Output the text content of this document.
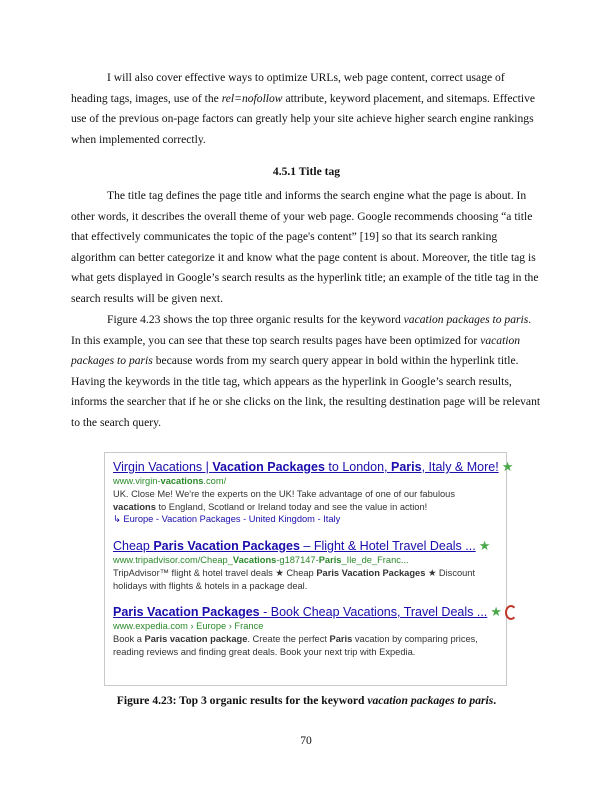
I will also cover effective ways to optimize URLs, web page content, correct usage of heading tags, images, use of the rel=nofollow attribute, keyword placement, and sitemaps. Effective use of the previous on-page factors can greatly help your site achieve higher search engine rankings when implemented correctly.

4.5.1 Title tag

The title tag defines the page title and informs the search engine what the page is about. In other words, it describes the overall theme of your web page. Google recommends choosing “a title that effectively communicates the topic of the page's content” [19] so that its search ranking algorithm can better categorize it and know what the page content is about. Moreover, the title tag is what gets displayed in Google’s search results as the hyperlink title; an example of the title tag in the search results will be given next.

Figure 4.23 shows the top three organic results for the keyword vacation packages to paris. In this example, you can see that these top search results pages have been optimized for vacation packages to paris because words from my search query appear in bold within the hyperlink title. Having the keywords in the title tag, which appears as the hyperlink in Google’s search results, informs the searcher that if he or she clicks on the link, the resulting destination page will be relevant to the search query.

Virgin Vacations | Vacation Packages to London, Paris, Italy & More! ★
www.virgin-vacations.com/
UK. Close Me! We're the experts on the UK! Take advantage of one of our fabulous vacations to England, Scotland or Ireland today and see the value in action!
↳ Europe - Vacation Packages - United Kingdom - Italy
Cheap Paris Vacation Packages – Flight & Hotel Travel Deals ... ★
www.tripadvisor.com/Cheap_Vacations-g187147-Paris_Ile_de_Franc...
TripAdvisor™ flight & hotel travel deals ★ Cheap Paris Vacation Packages ★ Discount holidays with flights & hotels in a package deal.
Paris Vacation Packages - Book Cheap Vacations, Travel Deals ... ★
www.expedia.com › Europe › France
Book a Paris vacation package. Create the perfect Paris vacation by comparing prices, reading reviews and finding great deals. Book your next trip with Expedia.
Figure 4.23: Top 3 organic results for the keyword vacation packages to paris.
70
